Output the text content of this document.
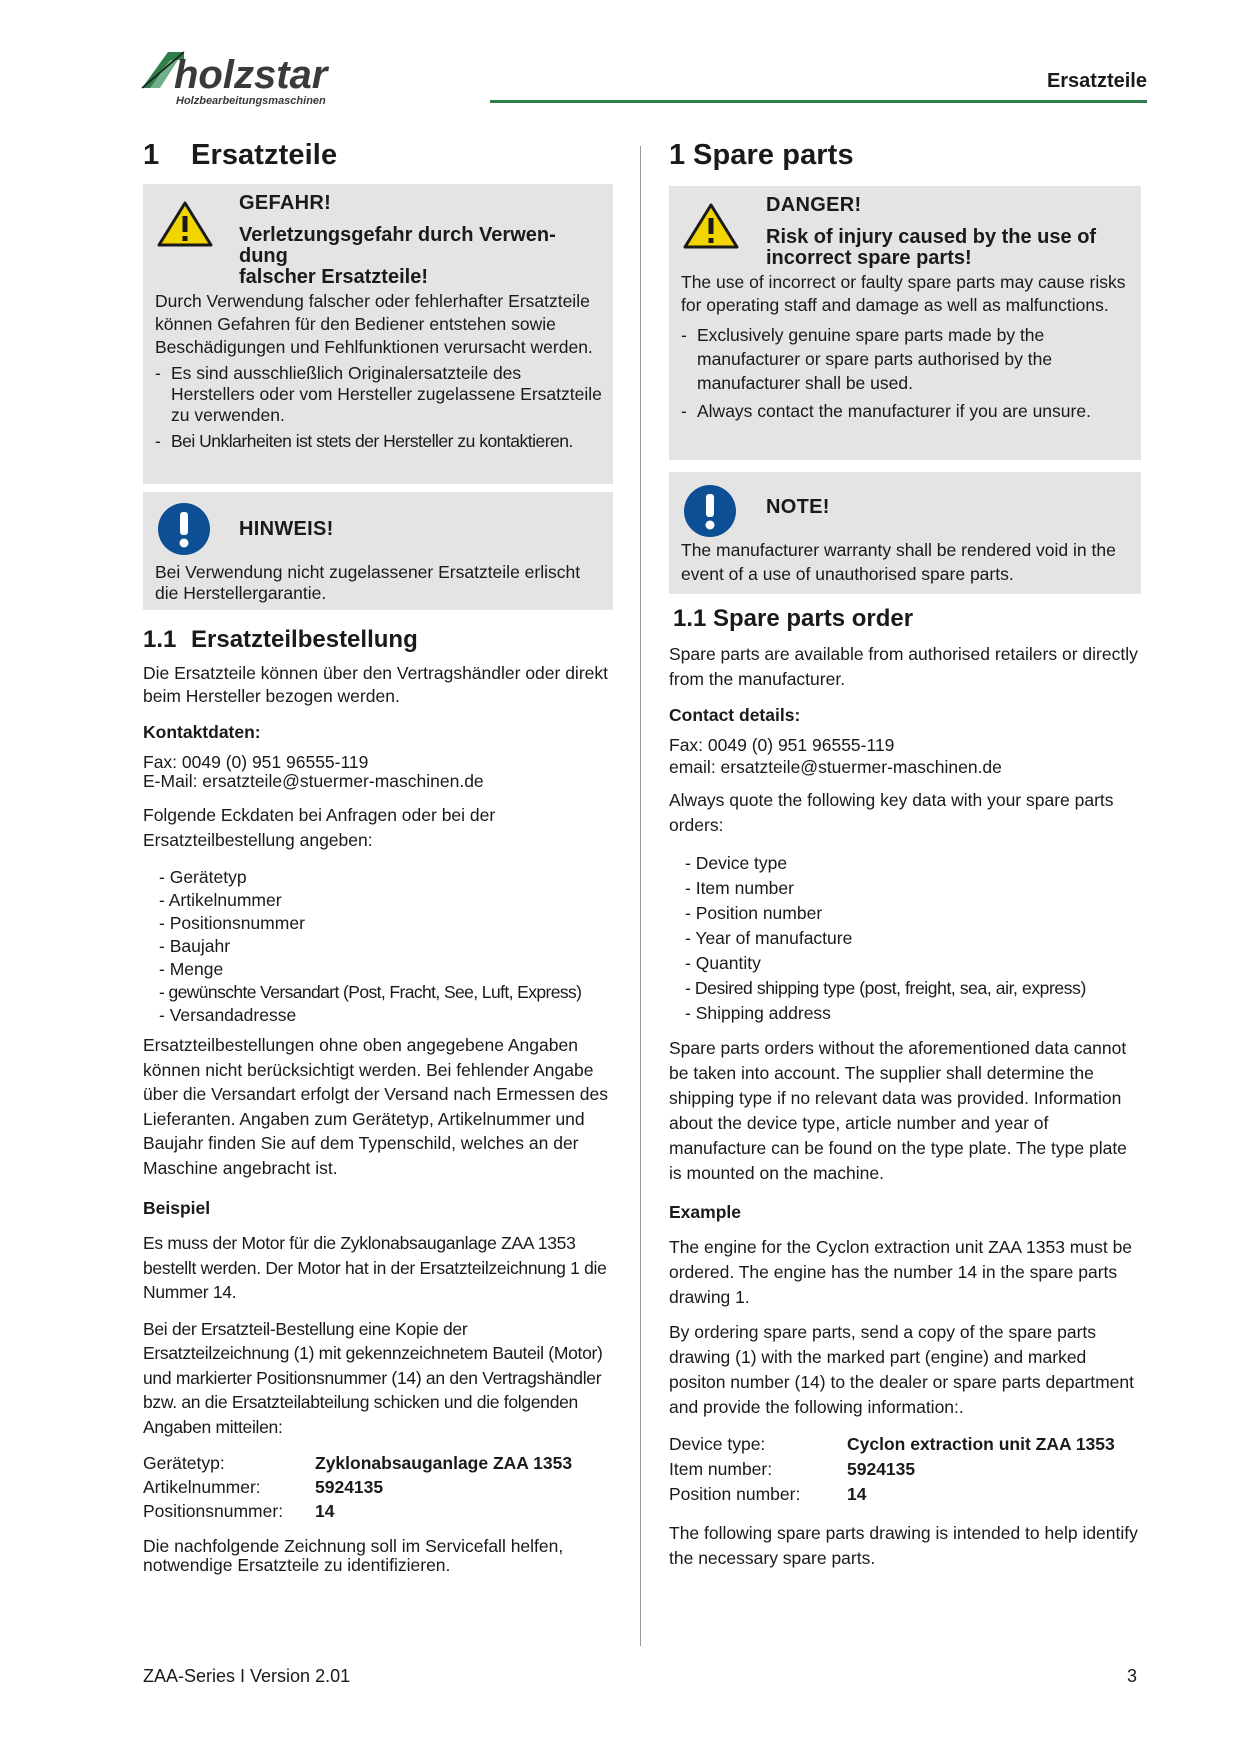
holzstar
Holzbearbeitungsmaschinen
Ersatzteile
1 Ersatzteile
GEFAHR!
Verletzungsgefahr durch Verwen-
dung
falscher Ersatzteile!

Durch Verwendung falscher oder fehlerhafter Ersatzteile können Gefahren für den Bediener entstehen sowie Beschädigungen und Fehlfunktionen verursacht werden.

- Es sind ausschließlich Originalersatzteile des Herstellers oder vom Hersteller zugelassene Ersatzteile zu verwenden.
- Bei Unklarheiten ist stets der Hersteller zu kontaktieren.
HINWEIS!

Bei Verwendung nicht zugelassener Ersatzteile erlischt die Herstellergarantie.

1.1 Ersatzteilbestellung

Die Ersatzteile können über den Vertragshändler oder direkt beim Hersteller bezogen werden.

Kontaktdaten:
Fax: 0049 (0) 951 96555-119
E-Mail: ersatzteile@stuermer-maschinen.de

Folgende Eckdaten bei Anfragen oder bei der Ersatzteilbestellung angeben:

- Gerätetyp
- Artikelnummer
- Positionsnummer
- Baujahr
- Menge
- gewünschte Versandart (Post, Fracht, See, Luft, Express)
- Versandadresse

Ersatzteilbestellungen ohne oben angegebene Angaben können nicht berücksichtigt werden. Bei fehlender Angabe über die Versandart erfolgt der Versand nach Ermessen des Lieferanten. Angaben zum Gerätetyp, Artikelnummer und Baujahr finden Sie auf dem Typenschild, welches an der Maschine angebracht ist.

Beispiel

Es muss der Motor für die Zyklonabsauganlage ZAA 1353 bestellt werden. Der Motor hat in der Ersatzteilzeichnung 1 die Nummer 14.

Bei der Ersatzteil-Bestellung eine Kopie der Ersatzteilzeichnung (1) mit gekennzeichnetem Bauteil (Motor) und markierter Positionsnummer (14) an den Vertragshändler bzw. an die Ersatzteilabteilung schicken und die folgenden Angaben mitteilen:

Gerätetyp:	Zyklonabsauganlage ZAA 1353
Artikelnummer:	5924135
Positionsnummer:	14

Die nachfolgende Zeichnung soll im Servicefall helfen, notwendige Ersatzteile zu identifizieren.

1 Spare parts
DANGER!
Risk of injury caused by the use of
incorrect spare parts!

The use of incorrect or faulty spare parts may cause risks for operating staff and damage as well as malfunctions.

- Exclusively genuine spare parts made by the manufacturer or spare parts authorised by the manufacturer shall be used.
- Always contact the manufacturer if you are unsure.
NOTE!

The manufacturer warranty shall be rendered void in the event of a use of unauthorised spare parts.

1.1 Spare parts order

Spare parts are available from authorised retailers or directly from the manufacturer.

Contact details:
Fax: 0049 (0) 951 96555-119
email: ersatzteile@stuermer-maschinen.de

Always quote the following key data with your spare parts orders:

- Device type
- Item number
- Position number
- Year of manufacture
- Quantity
- Desired shipping type (post, freight, sea, air, express)
- Shipping address

Spare parts orders without the aforementioned data cannot be taken into account. The supplier shall determine the shipping type if no relevant data was provided. Information about the device type, article number and year of manufacture can be found on the type plate. The type plate is mounted on the machine.

Example

The engine for the Cyclon extraction unit ZAA 1353 must be ordered. The engine has the number 14 in the spare parts drawing 1.

By ordering spare parts, send a copy of the spare parts drawing (1) with the marked part (engine) and marked positon number (14) to the dealer or spare parts department and provide the following information:.

Device type:	Cyclon extraction unit ZAA 1353
Item number:	5924135
Position number:	14

The following spare parts drawing is intended to help identify the necessary spare parts.

ZAA-Series I Version 2.01	3
